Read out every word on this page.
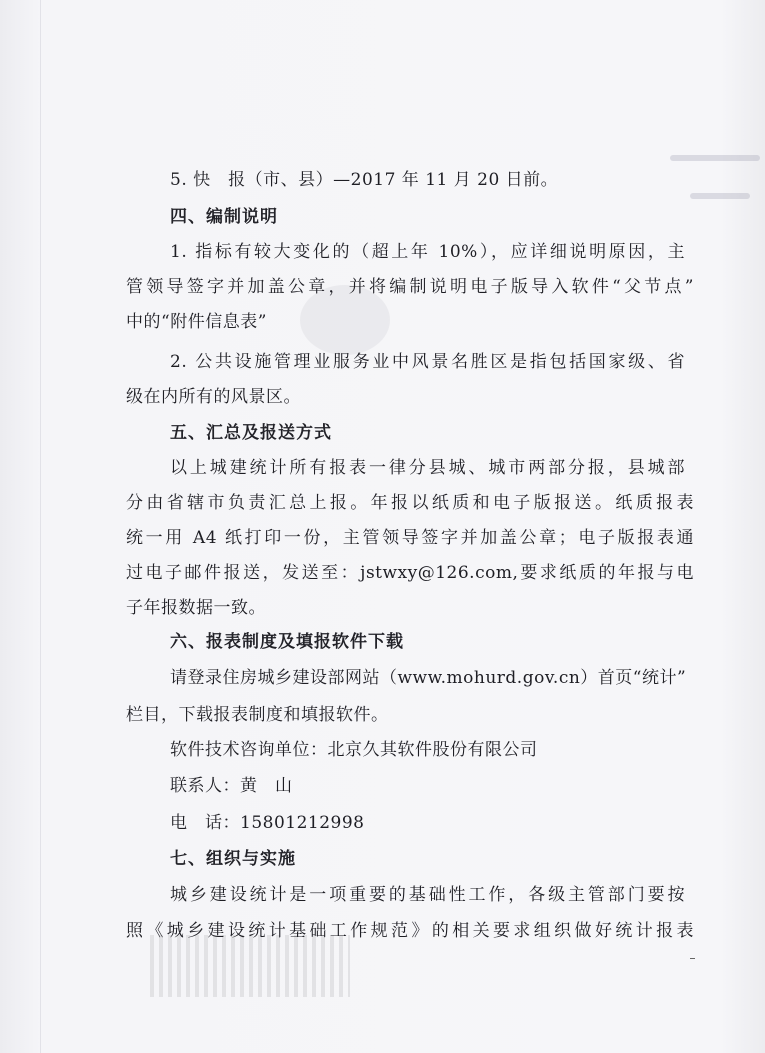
5. 快　报（市、县）—2017 年 11 月 20 日前。
四、编制说明
1. 指标有较大变化的（超上年 10%），应详细说明原因，主
管领导签字并加盖公章，并将编制说明电子版导入软件“父节点”
中的“附件信息表”
2. 公共设施管理业服务业中风景名胜区是指包括国家级、省
级在内所有的风景区。
五、汇总及报送方式
以上城建统计所有报表一律分县城、城市两部分报，县城部
分由省辖市负责汇总上报。年报以纸质和电子版报送。纸质报表
统一用 A4 纸打印一份，主管领导签字并加盖公章；电子版报表通
过电子邮件报送，发送至：jstwxy@126.com,要求纸质的年报与电
子年报数据一致。
六、报表制度及填报软件下载
请登录住房城乡建设部网站（www.mohurd.gov.cn）首页“统计”
栏目，下载报表制度和填报软件。
软件技术咨询单位：北京久其软件股份有限公司
联系人：黄　山
电　话：15801212998
七、组织与实施
城乡建设统计是一项重要的基础性工作，各级主管部门要按
照《城乡建设统计基础工作规范》的相关要求组织做好统计报表
